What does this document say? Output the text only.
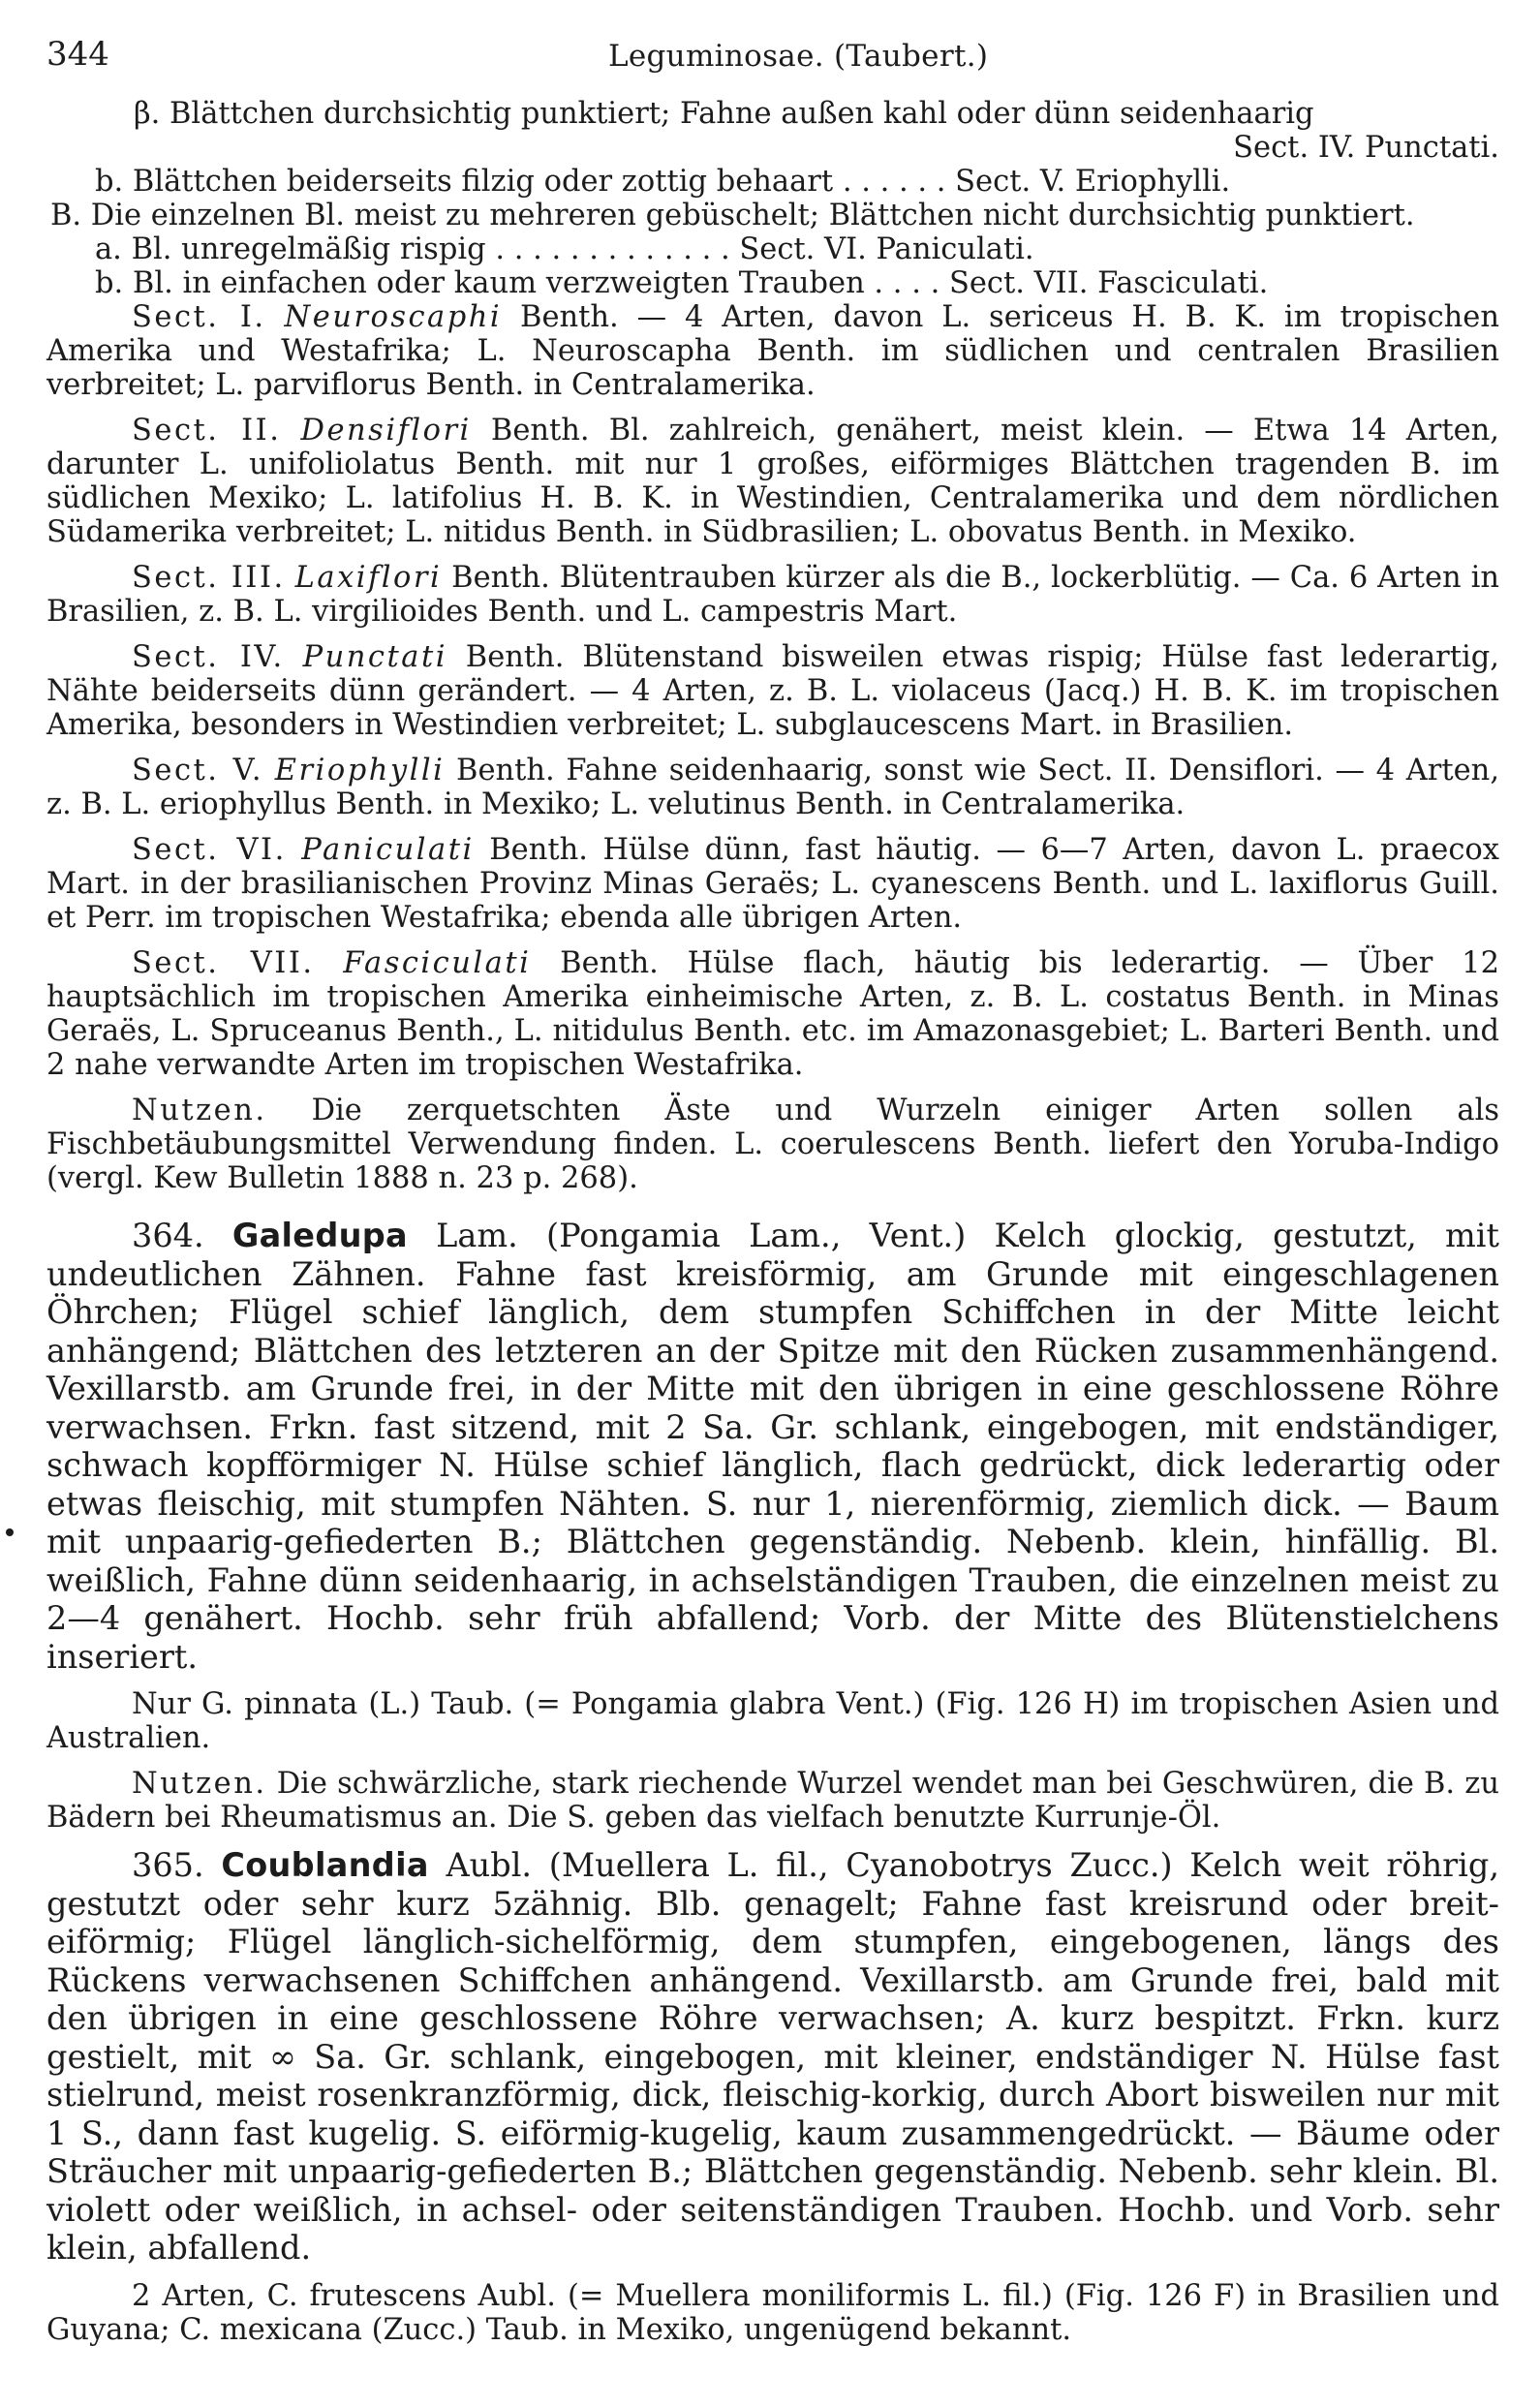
344	Leguminosae. (Taubert.)

β. Blättchen durchsichtig punktiert; Fahne außen kahl oder dünn seidenhaarig
Sect. IV. Punctati.

b. Blättchen beiderseits filzig oder zottig behaart . . . . . . Sect. V. Eriophylli.

B. Die einzelnen Bl. meist zu mehreren gebüschelt; Blättchen nicht durchsichtig punktiert.

a. Bl. unregelmäßig rispig . . . . . . . . . . . . . Sect. VI. Paniculati.

b. Bl. in einfachen oder kaum verzweigten Trauben . . . . Sect. VII. Fasciculati.

Sect. I. Neuroscaphi Benth. — 4 Arten, davon L. sericeus H. B. K. im tropischen Amerika und Westafrika; L. Neuroscapha Benth. im südlichen und centralen Brasilien verbreitet; L. parviflorus Benth. in Centralamerika.

Sect. II. Densiflori Benth. Bl. zahlreich, genähert, meist klein. — Etwa 14 Arten, darunter L. unifoliolatus Benth. mit nur 1 großes, eiförmiges Blättchen tragenden B. im südlichen Mexiko; L. latifolius H. B. K. in Westindien, Centralamerika und dem nördlichen Südamerika verbreitet; L. nitidus Benth. in Südbrasilien; L. obovatus Benth. in Mexiko.

Sect. III. Laxiflori Benth. Blütentrauben kürzer als die B., lockerblütig. — Ca. 6 Arten in Brasilien, z. B. L. virgilioides Benth. und L. campestris Mart.

Sect. IV. Punctati Benth. Blütenstand bisweilen etwas rispig; Hülse fast lederartig, Nähte beiderseits dünn gerändert. — 4 Arten, z. B. L. violaceus (Jacq.) H. B. K. im tropischen Amerika, besonders in Westindien verbreitet; L. subglaucescens Mart. in Brasilien.

Sect. V. Eriophylli Benth. Fahne seidenhaarig, sonst wie Sect. II. Densiflori. — 4 Arten, z. B. L. eriophyllus Benth. in Mexiko; L. velutinus Benth. in Centralamerika.

Sect. VI. Paniculati Benth. Hülse dünn, fast häutig. — 6—7 Arten, davon L. praecox Mart. in der brasilianischen Provinz Minas Geraës; L. cyanescens Benth. und L. laxiflorus Guill. et Perr. im tropischen Westafrika; ebenda alle übrigen Arten.

Sect. VII. Fasciculati Benth. Hülse flach, häutig bis lederartig. — Über 12 hauptsächlich im tropischen Amerika einheimische Arten, z. B. L. costatus Benth. in Minas Geraës, L. Spruceanus Benth., L. nitidulus Benth. etc. im Amazonasgebiet; L. Barteri Benth. und 2 nahe verwandte Arten im tropischen Westafrika.

Nutzen. Die zerquetschten Äste und Wurzeln einiger Arten sollen als Fischbetäubungsmittel Verwendung finden. L. coerulescens Benth. liefert den Yoruba-Indigo (vergl. Kew Bulletin 1888 n. 23 p. 268).

364. Galedupa Lam. (Pongamia Lam., Vent.) Kelch glockig, gestutzt, mit undeutlichen Zähnen. Fahne fast kreisförmig, am Grunde mit eingeschlagenen Öhrchen; Flügel schief länglich, dem stumpfen Schiffchen in der Mitte leicht anhängend; Blättchen des letzteren an der Spitze mit den Rücken zusammenhängend. Vexillarstb. am Grunde frei, in der Mitte mit den übrigen in eine geschlossene Röhre verwachsen. Frkn. fast sitzend, mit 2 Sa. Gr. schlank, eingebogen, mit endständiger, schwach kopfförmiger N. Hülse schief länglich, flach gedrückt, dick lederartig oder etwas fleischig, mit stumpfen Nähten. S. nur 1, nierenförmig, ziemlich dick. — Baum mit unpaarig-gefiederten B.; Blättchen gegenständig. Nebenb. klein, hinfällig. Bl. weißlich, Fahne dünn seidenhaarig, in achselständigen Trauben, die einzelnen meist zu 2—4 genähert. Hochb. sehr früh abfallend; Vorb. der Mitte des Blütenstielchens inseriert.

Nur G. pinnata (L.) Taub. (= Pongamia glabra Vent.) (Fig. 126 H) im tropischen Asien und Australien.

Nutzen. Die schwärzliche, stark riechende Wurzel wendet man bei Geschwüren, die B. zu Bädern bei Rheumatismus an. Die S. geben das vielfach benutzte Kurrunje-Öl.

365. Coublandia Aubl. (Muellera L. fil., Cyanobotrys Zucc.) Kelch weit röhrig, gestutzt oder sehr kurz 5zähnig. Blb. genagelt; Fahne fast kreisrund oder breit-eiförmig; Flügel länglich-sichelförmig, dem stumpfen, eingebogenen, längs des Rückens verwachsenen Schiffchen anhängend. Vexillarstb. am Grunde frei, bald mit den übrigen in eine geschlossene Röhre verwachsen; A. kurz bespitzt. Frkn. kurz gestielt, mit ∞ Sa. Gr. schlank, eingebogen, mit kleiner, endständiger N. Hülse fast stielrund, meist rosenkranzförmig, dick, fleischig-korkig, durch Abort bisweilen nur mit 1 S., dann fast kugelig. S. eiförmig-kugelig, kaum zusammengedrückt. — Bäume oder Sträucher mit unpaarig-gefiederten B.; Blättchen gegenständig. Nebenb. sehr klein. Bl. violett oder weißlich, in achsel- oder seitenständigen Trauben. Hochb. und Vorb. sehr klein, abfallend.

2 Arten, C. frutescens Aubl. (= Muellera moniliformis L. fil.) (Fig. 126 F) in Brasilien und Guyana; C. mexicana (Zucc.) Taub. in Mexiko, ungenügend bekannt.
